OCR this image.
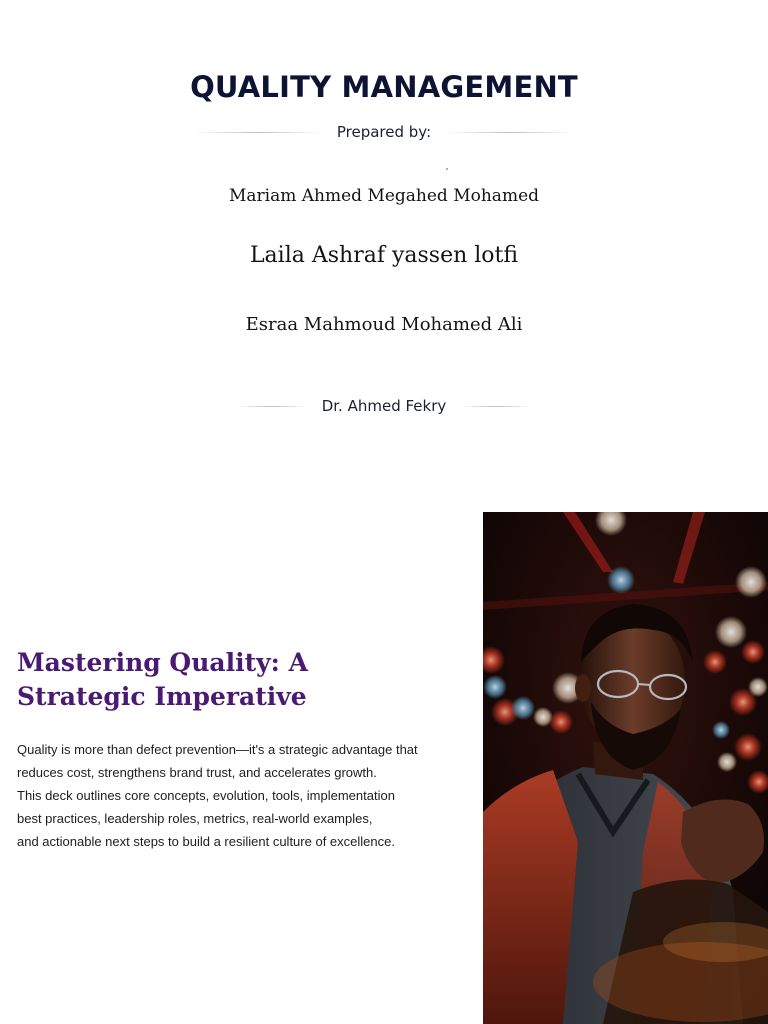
QUALITY MANAGEMENT
Prepared by:
Mariam Ahmed Megahed Mohamed
Laila Ashraf yassen lotfi
Esraa Mahmoud Mohamed Ali
Dr. Ahmed Fekry
Mastering Quality: A
Strategic Imperative
Quality is more than defect prevention—it's a strategic advantage that
reduces cost, strengthens brand trust, and accelerates growth.
This deck outlines core concepts, evolution, tools, implementation
best practices, leadership roles, metrics, real-world examples,
and actionable next steps to build a resilient culture of excellence.
